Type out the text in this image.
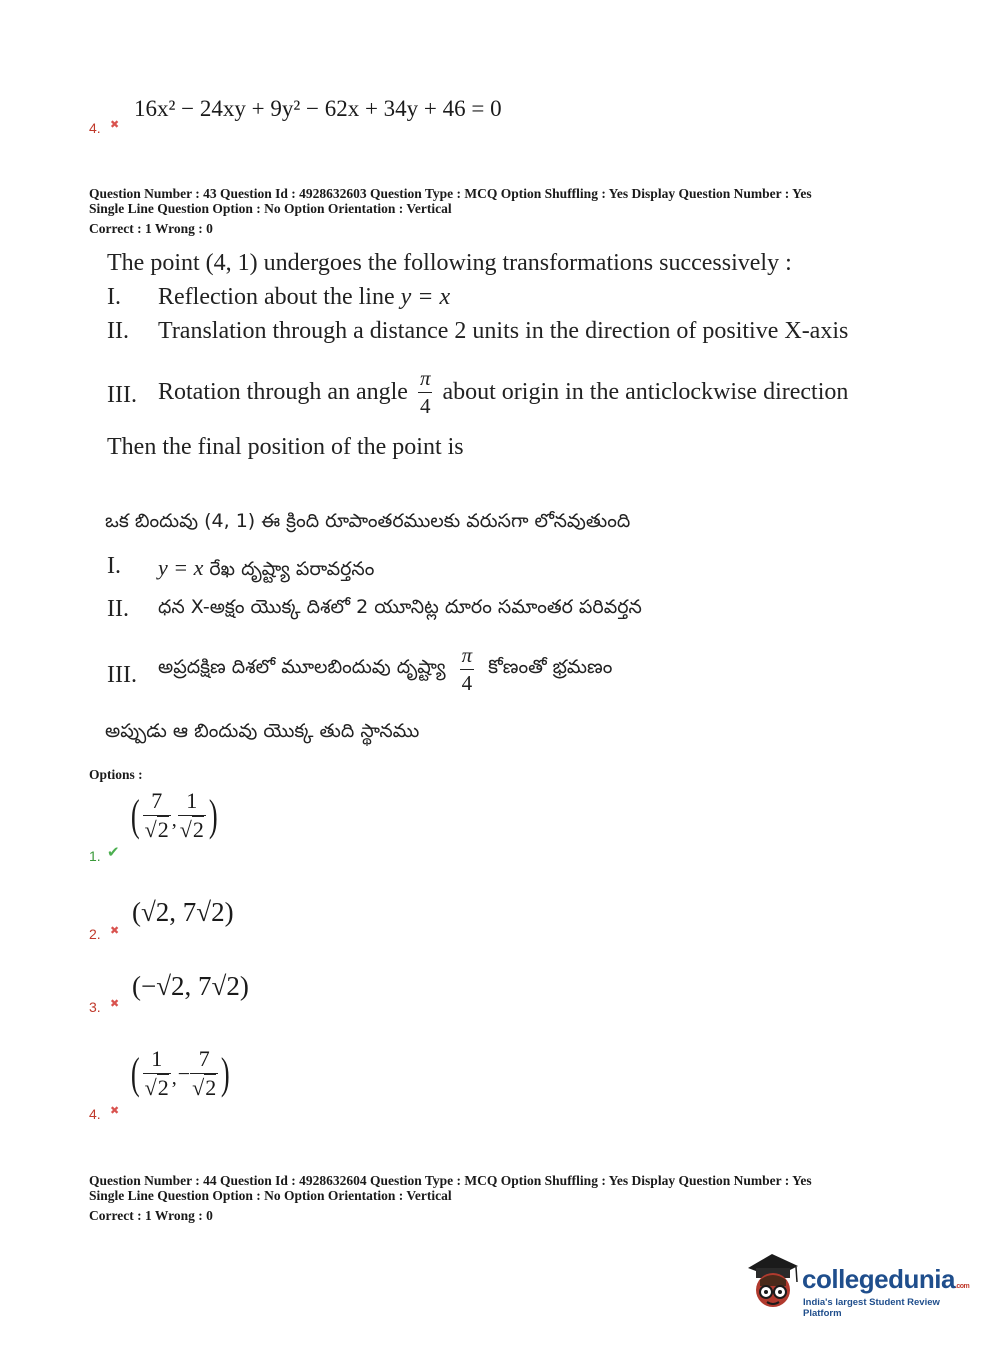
4. ✖
16x² − 24xy + 9y² − 62x + 34y + 46 = 0
Question Number : 43 Question Id : 4928632603 Question Type : MCQ Option Shuffling : Yes Display Question Number : Yes
Single Line Question Option : No Option Orientation : Vertical
Correct : 1 Wrong : 0
The point (4, 1) undergoes the following transformations successively :
I. Reflection about the line y = x
II. Translation through a distance 2 units in the direction of positive X-axis
III. Rotation through an angle $\frac{\pi}{4}$ about origin in the anticlockwise direction
Then the final position of the point is
ఒక బిందువు (4, 1) ఈ క్రింది రూపాంతరములకు వరుసగా లోనవుతుంది
I. y = x రేఖ దృష్ట్యా పరావర్తనం
II. ధన X-అక్షం యొక్క దిశలో 2 యూనిట్ల దూరం సమాంతర పరివర్తన
III. అప్రదక్షిణ దిశలో మూలబిందువు దృష్ట్యా $\frac{\pi}{4}$ కోణంతో భ్రమణం
అప్పుడు ఆ బిందువు యొక్క తుది స్థానము
Options :
1. ✔
( $\frac{7}{√2}$ , $\frac{1}{√2}$ )
2. ✖
(√2, 7√2)
3. ✖
(−√2, 7√2)
4. ✖
( $\frac{1}{√2}$ , − $\frac{7}{√2}$ )
Question Number : 44 Question Id : 4928632604 Question Type : MCQ Option Shuffling : Yes Display Question Number : Yes
Single Line Question Option : No Option Orientation : Vertical
Correct : 1 Wrong : 0
collegedunia.com
India's largest Student Review Platform
